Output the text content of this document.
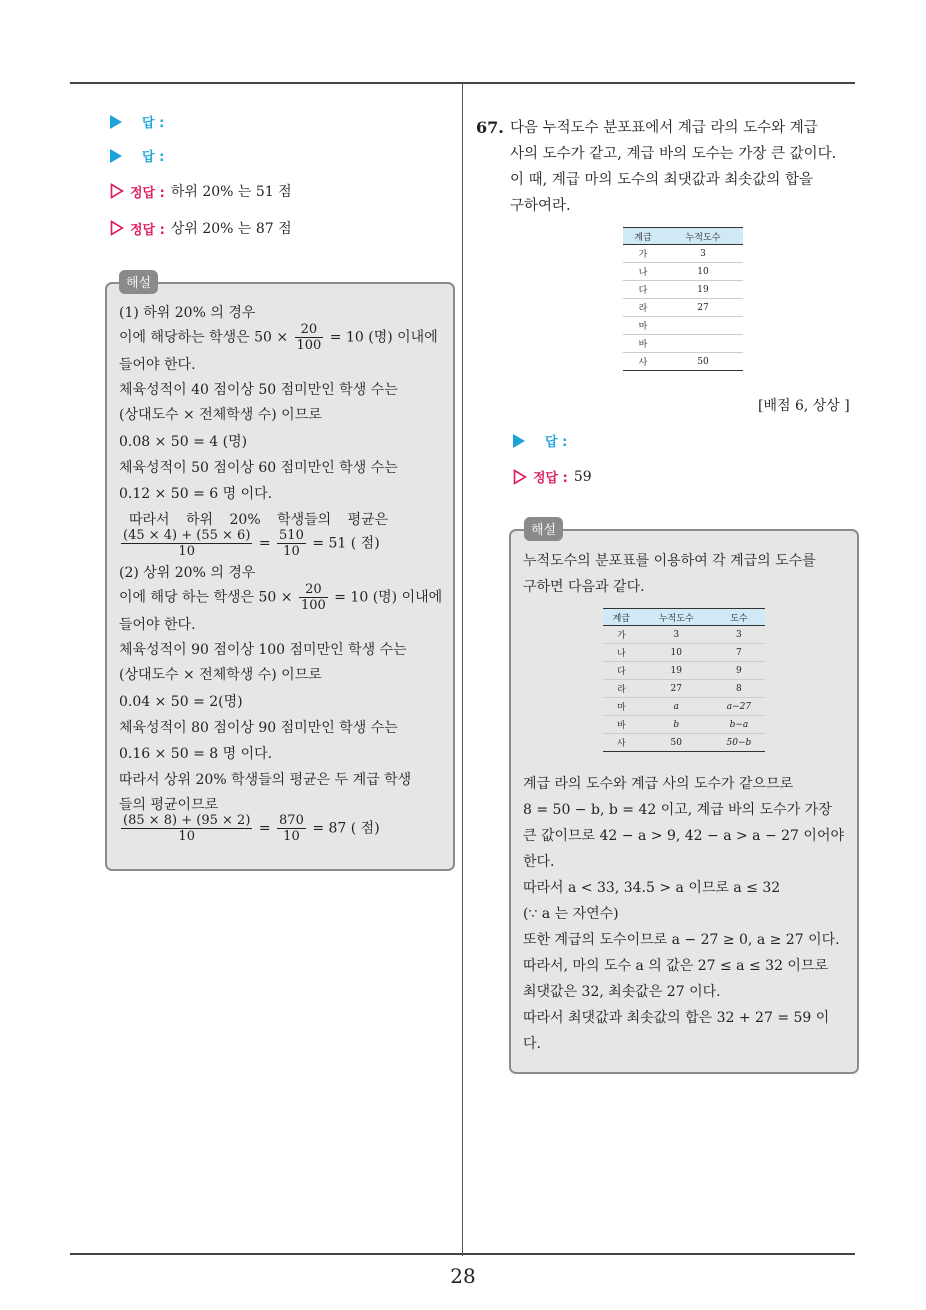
답 :
답 :
정답 : 하위 20% 는 51 점
정답 : 상위 20% 는 87 점
(1) 하위 20% 의 경우
이에 해당하는 학생은 $50 \times \frac{20}{100} = 10$ (명) 이내에
들어야 한다.
체육성적이 40 점이상 50 점미만인 학생 수는
(상대도수 × 전체학생 수) 이므로
0.08 × 50 = 4 (명)
체육성적이 50 점이상 60 점미만인 학생 수는
0.12 × 50 = 6 명 이다.
따라서 하위 20% 학생들의 평균은
$\frac{(45 \times 4) + (55 \times 6)}{10} = \frac{510}{10} = 51$ ( 점)
(2) 상위 20% 의 경우
이에 해당 하는 학생은 $50 \times \frac{20}{100} = 10$ (명) 이내에
들어야 한다.
체육성적이 90 점이상 100 점미만인 학생 수는
(상대도수 × 전체학생 수) 이므로
0.04 × 50 = 2(명)
체육성적이 80 점이상 90 점미만인 학생 수는
0.16 × 50 = 8 명 이다.
따라서 상위 20% 학생들의 평균은 두 계급 학생
들의 평균이므로
$\frac{(85 \times 8) + (95 \times 2)}{10} = \frac{870}{10} = 87$ ( 점)
해설
67. 다음 누적도수 분포표에서 계급 라의 도수와 계급
사의 도수가 같고, 계급 바의 도수는 가장 큰 값이다.
이 때, 계급 마의 도수의 최댓값과 최솟값의 합을
구하여라.
계급	누적도수
가	3
나	10
다	19
라	27
마	
바	
사	50
[배점 6, 상상 ]
답 :
정답 : 59
누적도수의 분포표를 이용하여 각 계급의 도수를
구하면 다음과 같다.
계급	누적도수	도수
가	3	3
나	10	7
다	19	9
라	27	8
마	a	a−27
바	b	b−a
사	50	50−b
계급 라의 도수와 계급 사의 도수가 같으므로
8 = 50 − b, b = 42 이고, 계급 바의 도수가 가장
큰 값이므로 42 − a > 9, 42 − a > a − 27 이어야
한다.
따라서 a < 33, 34.5 > a 이므로 a ≤ 32
(∵ a 는 자연수)
또한 계급의 도수이므로 a − 27 ≥ 0, a ≥ 27 이다.
따라서, 마의 도수 a 의 값은 27 ≤ a ≤ 32 이므로
최댓값은 32, 최솟값은 27 이다.
따라서 최댓값과 최솟값의 합은 32 + 27 = 59 이
다.
해설
28
